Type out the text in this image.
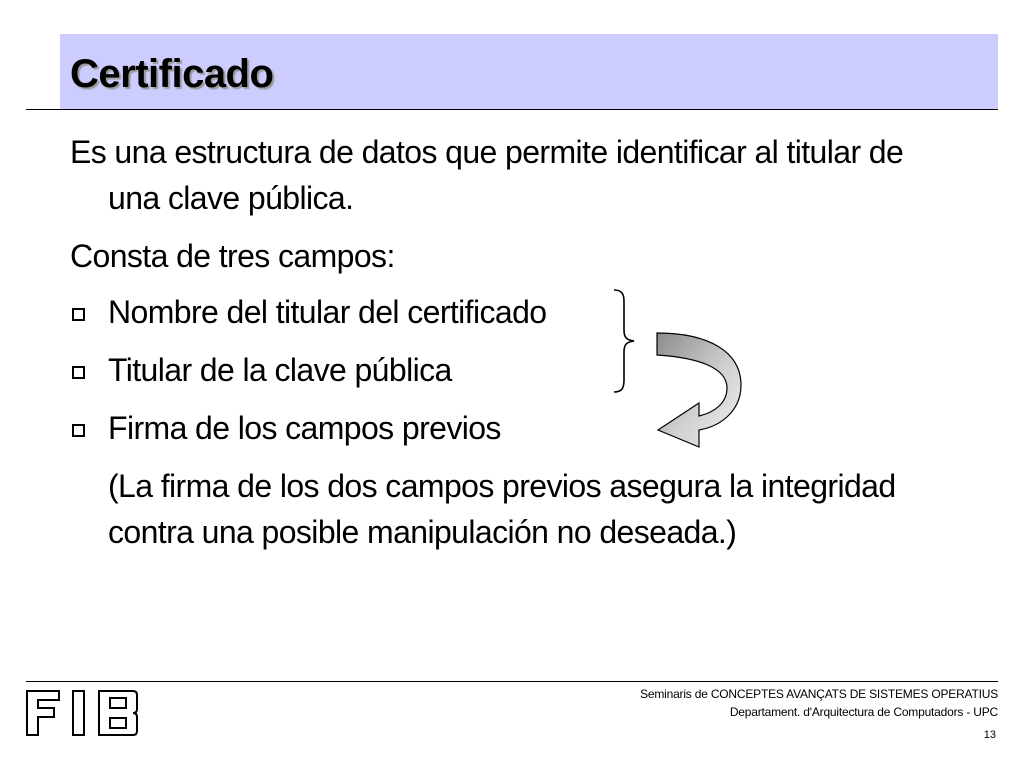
Certificado
Es una estructura de datos que permite identificar al titular de
una clave pública.
Consta de tres campos:
Nombre del titular del certificado
Titular de la clave pública
Firma de los campos previos
(La firma de los dos campos previos asegura la integridad
contra una posible manipulación no deseada.)
Seminaris de CONCEPTES AVANÇATS DE SISTEMES OPERATIUS
Departament. d'Arquitectura de Computadors - UPC
13
